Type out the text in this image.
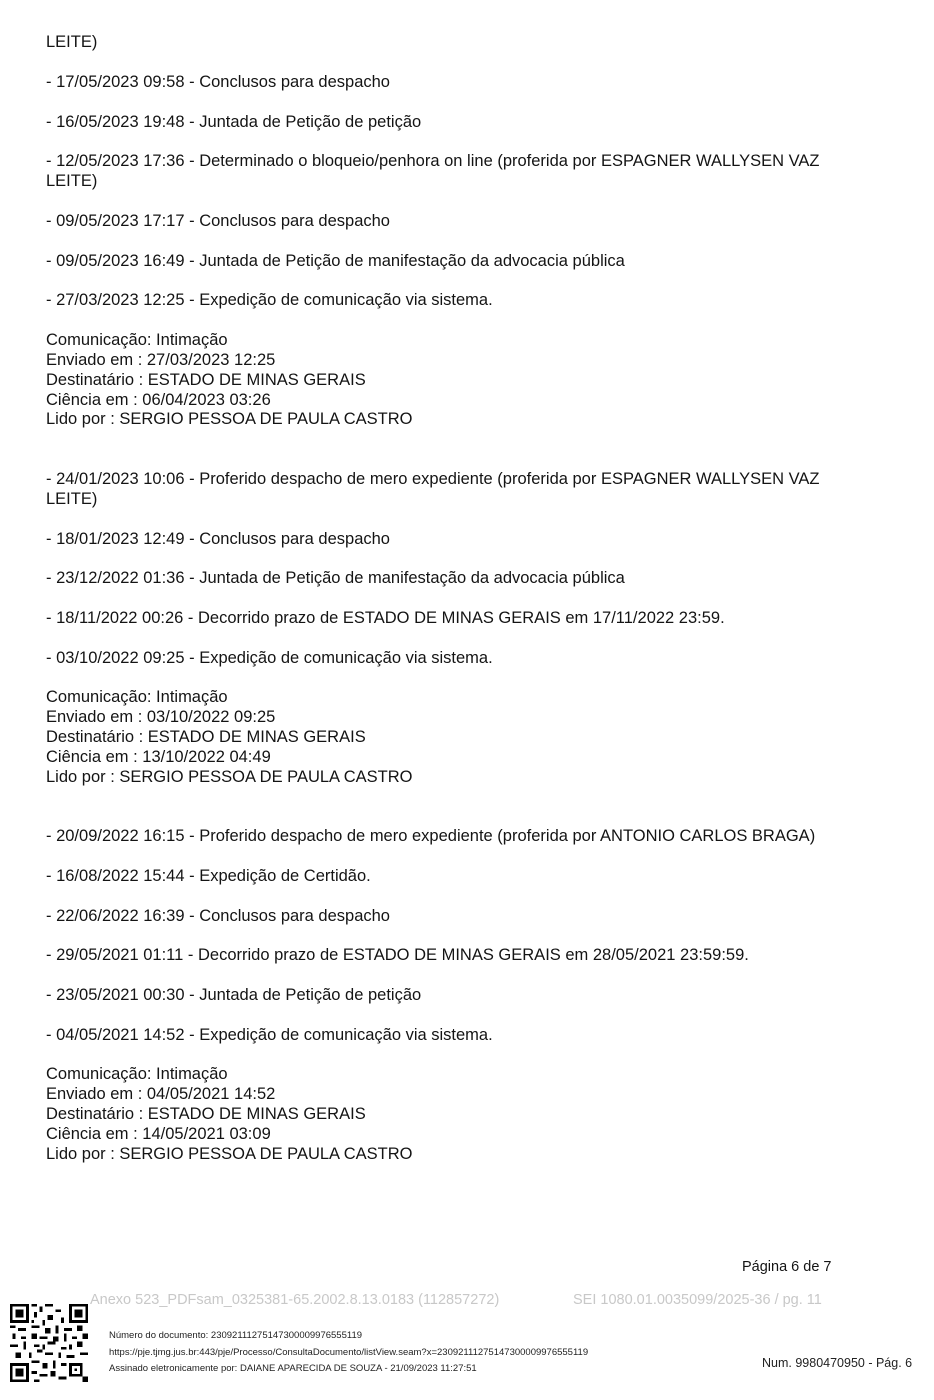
LEITE)
- 17/05/2023 09:58 - Conclusos para despacho
- 16/05/2023 19:48 - Juntada de Petição de petição
- 12/05/2023 17:36 - Determinado o bloqueio/penhora on line (proferida por ESPAGNER WALLYSEN VAZ
LEITE)
- 09/05/2023 17:17 - Conclusos para despacho
- 09/05/2023 16:49 - Juntada de Petição de manifestação da advocacia pública
- 27/03/2023 12:25 - Expedição de comunicação via sistema.
Comunicação: Intimação
Enviado em : 27/03/2023 12:25
Destinatário : ESTADO DE MINAS GERAIS
Ciência em : 06/04/2023 03:26
Lido por : SERGIO PESSOA DE PAULA CASTRO
- 24/01/2023 10:06 - Proferido despacho de mero expediente (proferida por ESPAGNER WALLYSEN VAZ
LEITE)
- 18/01/2023 12:49 - Conclusos para despacho
- 23/12/2022 01:36 - Juntada de Petição de manifestação da advocacia pública
- 18/11/2022 00:26 - Decorrido prazo de ESTADO DE MINAS GERAIS em 17/11/2022 23:59.
- 03/10/2022 09:25 - Expedição de comunicação via sistema.
Comunicação: Intimação
Enviado em : 03/10/2022 09:25
Destinatário : ESTADO DE MINAS GERAIS
Ciência em : 13/10/2022 04:49
Lido por : SERGIO PESSOA DE PAULA CASTRO
- 20/09/2022 16:15 - Proferido despacho de mero expediente (proferida por ANTONIO CARLOS BRAGA)
- 16/08/2022 15:44 - Expedição de Certidão.
- 22/06/2022 16:39 - Conclusos para despacho
- 29/05/2021 01:11 - Decorrido prazo de ESTADO DE MINAS GERAIS em 28/05/2021 23:59:59.
- 23/05/2021 00:30 - Juntada de Petição de petição
- 04/05/2021 14:52 - Expedição de comunicação via sistema.
Comunicação: Intimação
Enviado em : 04/05/2021 14:52
Destinatário : ESTADO DE MINAS GERAIS
Ciência em : 14/05/2021 03:09
Lido por : SERGIO PESSOA DE PAULA CASTRO
Página 6 de 7
Anexo 523_PDFsam_0325381-65.2002.8.13.0183 (112857272)	SEI 1080.01.0035099/2025-36 / pg. 11
Número do documento: 23092111275147300009976555119
https://pje.tjmg.jus.br:443/pje/Processo/ConsultaDocumento/listView.seam?x=23092111275147300009976555119
Assinado eletronicamente por: DAIANE APARECIDA DE SOUZA - 21/09/2023 11:27:51	Num. 9980470950 - Pág. 6
